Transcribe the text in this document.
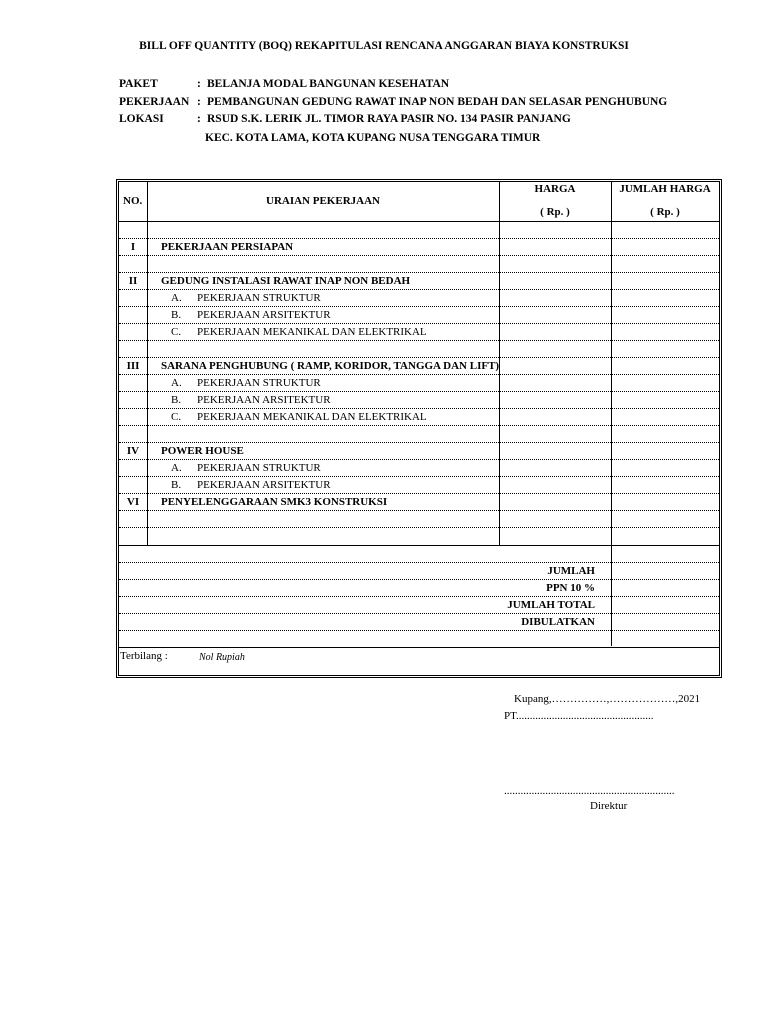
BILL OFF QUANTITY (BOQ) REKAPITULASI RENCANA ANGGARAN BIAYA KONSTRUKSI
PAKET	: BELANJA MODAL BANGUNAN KESEHATAN
PEKERJAAN : PEMBANGUNAN GEDUNG RAWAT INAP NON BEDAH DAN SELASAR PENGHUBUNG
LOKASI	: RSUD S.K. LERIK JL. TIMOR RAYA PASIR NO. 134 PASIR PANJANG
KEC. KOTA LAMA, KOTA KUPANG NUSA TENGGARA TIMUR
NO.	URAIAN PEKERJAAN
HARGA
( Rp. )
JUMLAH HARGA
( Rp. )
I	PEKERJAAN PERSIAPAN
II	GEDUNG INSTALASI RAWAT INAP NON BEDAH
A. PEKERJAAN STRUKTUR
B. PEKERJAAN ARSITEKTUR
C. PEKERJAAN MEKANIKAL DAN ELEKTRIKAL
III	SARANA PENGHUBUNG ( RAMP, KORIDOR, TANGGA DAN LIFT)
A. PEKERJAAN STRUKTUR
B. PEKERJAAN ARSITEKTUR
C. PEKERJAAN MEKANIKAL DAN ELEKTRIKAL
IV	POWER HOUSE
A. PEKERJAAN STRUKTUR
B. PEKERJAAN ARSITEKTUR
VI	PENYELENGGARAAN SMK3 KONSTRUKSI
JUMLAH
PPN 10 %
JUMLAH TOTAL
DIBULATKAN
Terbilang :	Nol Rupiah
Kupang,……………,………………,2021
PT..................................................
..............................................................
Direktur
